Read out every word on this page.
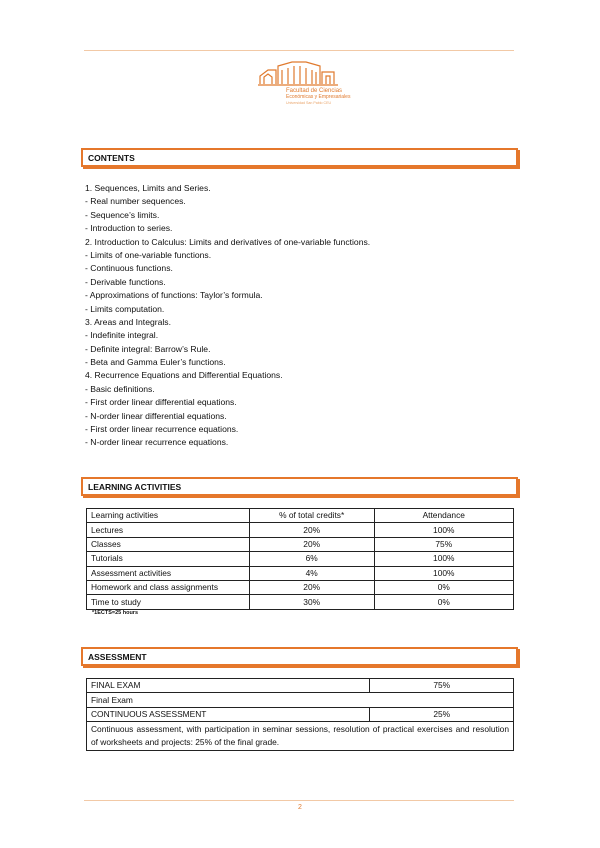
Facultad de Ciencias
Económicas y Empresariales
Universidad San Pablo CEU
CONTENTS
1. Sequences, Limits and Series.
- Real number sequences.
- Sequence’s limits.
- Introduction to series.
2. Introduction to Calculus: Limits and derivatives of one-variable functions.
- Limits of one-variable functions.
- Continuous functions.
- Derivable functions.
- Approximations of functions: Taylor’s formula.
- Limits computation.
3. Areas and Integrals.
- Indefinite integral.
- Definite integral: Barrow’s Rule.
- Beta and Gamma Euler’s functions.
4. Recurrence Equations and Differential Equations.
- Basic definitions.
- First order linear differential equations.
- N-order linear differential equations.
- First order linear recurrence equations.
- N-order linear recurrence equations.
LEARNING ACTIVITIES
Learning activities	% of total credits*	Attendance
Lectures	20%	100%
Classes	20%	75%
Tutorials	6%	100%
Assessment activities	4%	100%
Homework and class assignments	20%	0%
Time to study	30%	0%
*1ECTS=25 hours
ASSESSMENT
FINAL EXAM	75%
Final Exam	
CONTINUOUS ASSESSMENT	25%
Continuous assessment, with participation in seminar sessions, resolution of practical exercises and resolution of worksheets and projects: 25% of the final grade.	
2
